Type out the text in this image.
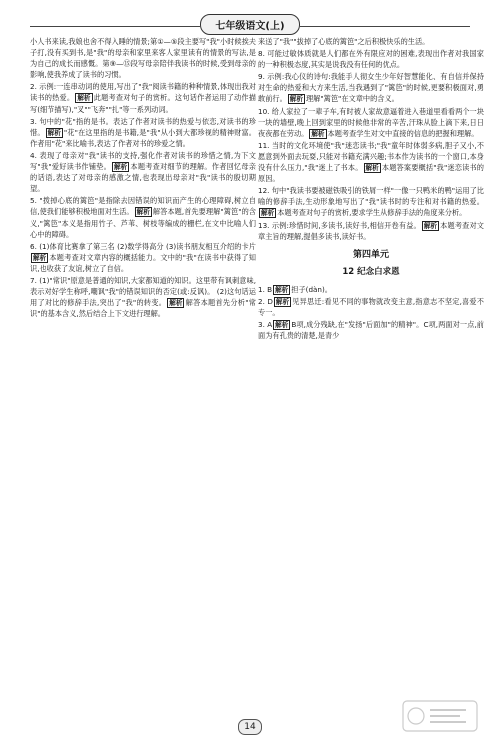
七年级语文(上)

小人书来读,我娘也舍不得入睡的情景;第①—⑤段主要写"我"小时候挨夫子打,没有买到书,是"我"的母亲和家里来客人家里读有的情景的写法,是为自己的成长而感慨。第⑨—⑮段写母亲陪伴我读书的时候,受到母亲的影响,使我养成了读书的习惯。

2. 示例:一连串动词的使用,写出了"我"阅读书籍的种种情景,体现出我对读书的热爱。 解析 此题考查对句子的赏析。这句话作者运用了动作描写(细节描写),"叉""飞奔""扎"等一系列动词。

3. 句中的"花"指的是书。表达了作者对读书的热爱与依恋,对读书的珍惜。 解析 "花"在这里指的是书籍,是"我"从小到大都珍视的精神财富。作者用"花"来比喻书,表达了作者对书的珍爱之情。

4. 表现了母亲对"我"读书的支持,强化作者对读书的珍惜之情,为下文写"我"爱好读书作铺垫。 解析 本题考查对细节的理解。作者回忆母亲的话语,表达了对母亲的感激之情,也表现出母亲对"我"读书的殷切期望。

5. "拨掉心底的篱笆"是指除去因错误的知识而产生的心理障碍,树立自信,使我们能够积极地面对生活。 解析 解答本题,首先要理解"篱笆"的含义,"篱笆"本义是指用竹子、芦苇、树枝等编成的栅栏,在文中比喻人们心中的障碍。

6. (1)体育比赛拿了第三名 (2)数学得高分 (3)读书朋友相互介绍的卡片解析 本题考查对文章内容的概括能力。文中的"我"在读书中获得了知识,也收获了友谊,树立了自信。

7. (1)"常识"原意是普通的知识,大家都知道的知识。这里带有讽刺意味,表示对好学生称呼,嘲讽"我"的错误知识的否定(或:反讽)。 (2)这句话运用了对比的修辞手法,突出了"我"的转变。 解析 解答本题首先分析"常识"的基本含义,然后结合上下文进行理解。

来送了"我""拔掉了心底的篱笆"之后积极快乐的生活。

8. 可能过敏体质就是人们都在外有限应对的困难,表现出作者对我国家的一种积极态度,其实是说我没有任何的优点。

9. 示例:我心仪的诗句:我能手人彻女生少年好智慧能化、有自信并保持对生命的热爱和大方来生活,当我遇到了"篱笆"的时候,更要积极面对,勇敢前行。 解析 理解"篱笆"在文章中的含义。

10. 给人家拉了一辈子车,有时被人家故意逼着进入巷道里看看两个一块一块的墙壁,晚上回到家里的时候他非常的辛苦,汗珠从脸上滴下来,日日夜夜都在劳动。 解析 本题考查学生对文中直接的信息的把握和理解。

11. 当时的文化环境使"我"迷恋读书;"我"童年时体弱多病,胆子又小,不愿意到外面去玩耍,只能对书籍充满兴趣;书本作为读书的一个窗口,本身没有什么压力,"我"迷上了书本。 解析 本题答案要概括"我"迷恋读书的原因。

12. 句中"我读书要被磁铁吸引的铁屑一样"一像一只鸭米的鸭"运用了比喻的修辞手法,生动形象地写出了"我"读书时的专注和对书籍的热爱。解析 本题考查对句子的赏析,要求学生从修辞手法的角度来分析。

13. 示例:珍惜时间,多读书,读好书,相信开卷有益。 解析 本题考查对文章主旨的理解,提倡多读书,读好书。

第四单元
12 纪念白求恩

1. B 解析 担子(dàn)。

2. D 解析 见异思迁:看见不同的事物就改变主意,指意志不坚定,喜爱不专一。

3. A 解析 B项,成分残缺,在"发扬"后面加"的精神"。C项,两面对一点,前面为有孔贵的清楚,是青少

14
